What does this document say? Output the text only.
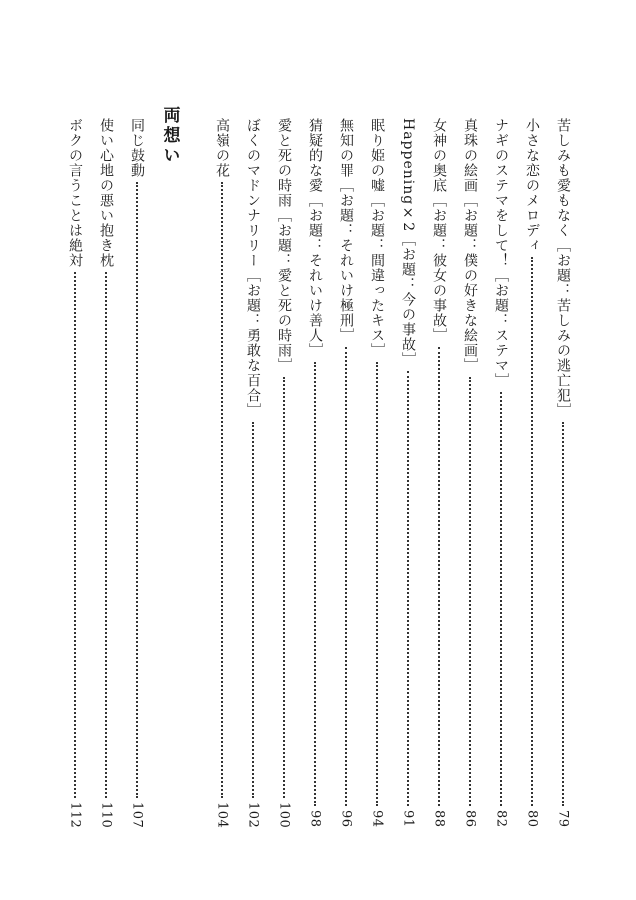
苦しみも愛もなく［お題：苦しみの逃亡犯］
79
小さな恋のメロディ
80
ナギのステマをして！［お題：ステマ］
82
真珠の絵画［お題：僕の好きな絵画］
86
女神の奥底［お題：彼女の事故］
88
Happening×2［お題：今の事故］
91
眠り姫の嘘［お題：間違ったキス］
94
無知の罪［お題：それいけ極刑］
96
猜疑的な愛［お題：それいけ善人］
98
愛と死の時雨［お題：愛と死の時雨］
100
ぼくのマドンナリリー［お題：勇敢な百合］
102
高嶺の花
104
両想い
同じ鼓動
107
使い心地の悪い抱き枕
110
ボクの言うことは絶対
112
